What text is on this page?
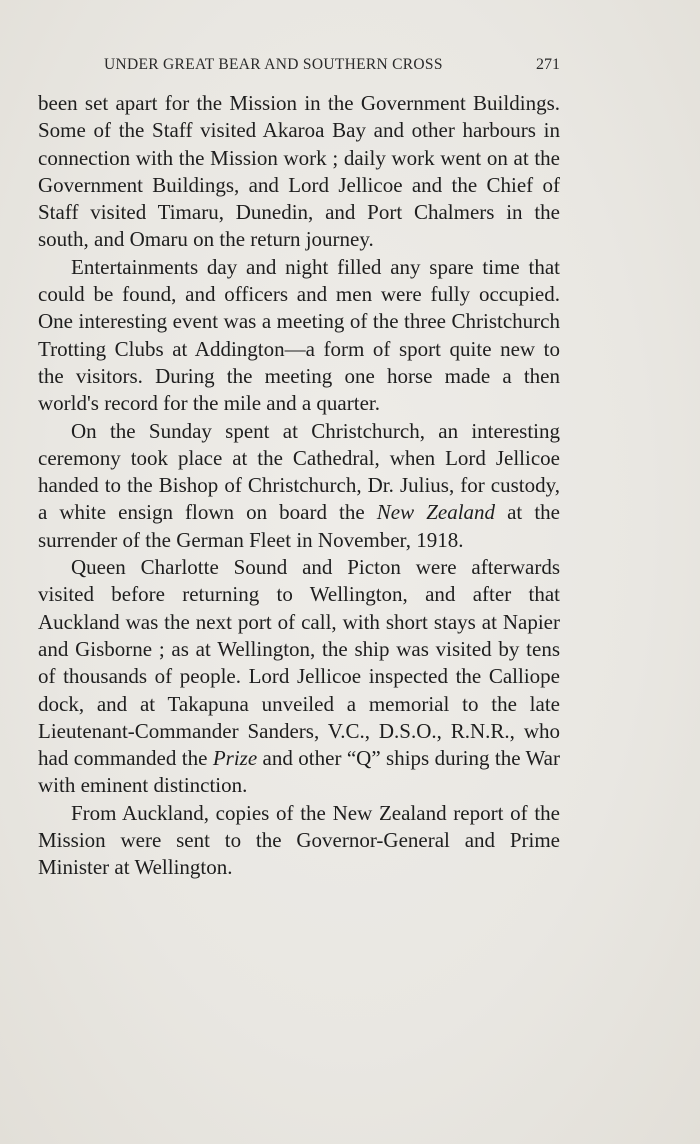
UNDER GREAT BEAR AND SOUTHERN CROSS	271

been set apart for the Mission in the Government Buildings. Some of the Staff visited Akaroa Bay and other harbours in connection with the Mission work ; daily work went on at the Government Buildings, and Lord Jellicoe and the Chief of Staff visited Timaru, Dunedin, and Port Chalmers in the south, and Omaru on the return journey.

Entertainments day and night filled any spare time that could be found, and officers and men were fully occupied. One interesting event was a meeting of the three Christchurch Trotting Clubs at Addington—a form of sport quite new to the visitors. During the meeting one horse made a then world's record for the mile and a quarter.

On the Sunday spent at Christchurch, an interesting ceremony took place at the Cathedral, when Lord Jellicoe handed to the Bishop of Christchurch, Dr. Julius, for custody, a white ensign flown on board the New Zealand at the surrender of the German Fleet in November, 1918.

Queen Charlotte Sound and Picton were afterwards visited before returning to Wellington, and after that Auckland was the next port of call, with short stays at Napier and Gisborne ; as at Wellington, the ship was visited by tens of thousands of people. Lord Jellicoe inspected the Calliope dock, and at Takapuna unveiled a memorial to the late Lieutenant-Commander Sanders, V.C., D.S.O., R.N.R., who had commanded the Prize and other “Q” ships during the War with eminent distinction.

From Auckland, copies of the New Zealand report of the Mission were sent to the Governor-General and Prime Minister at Wellington.
